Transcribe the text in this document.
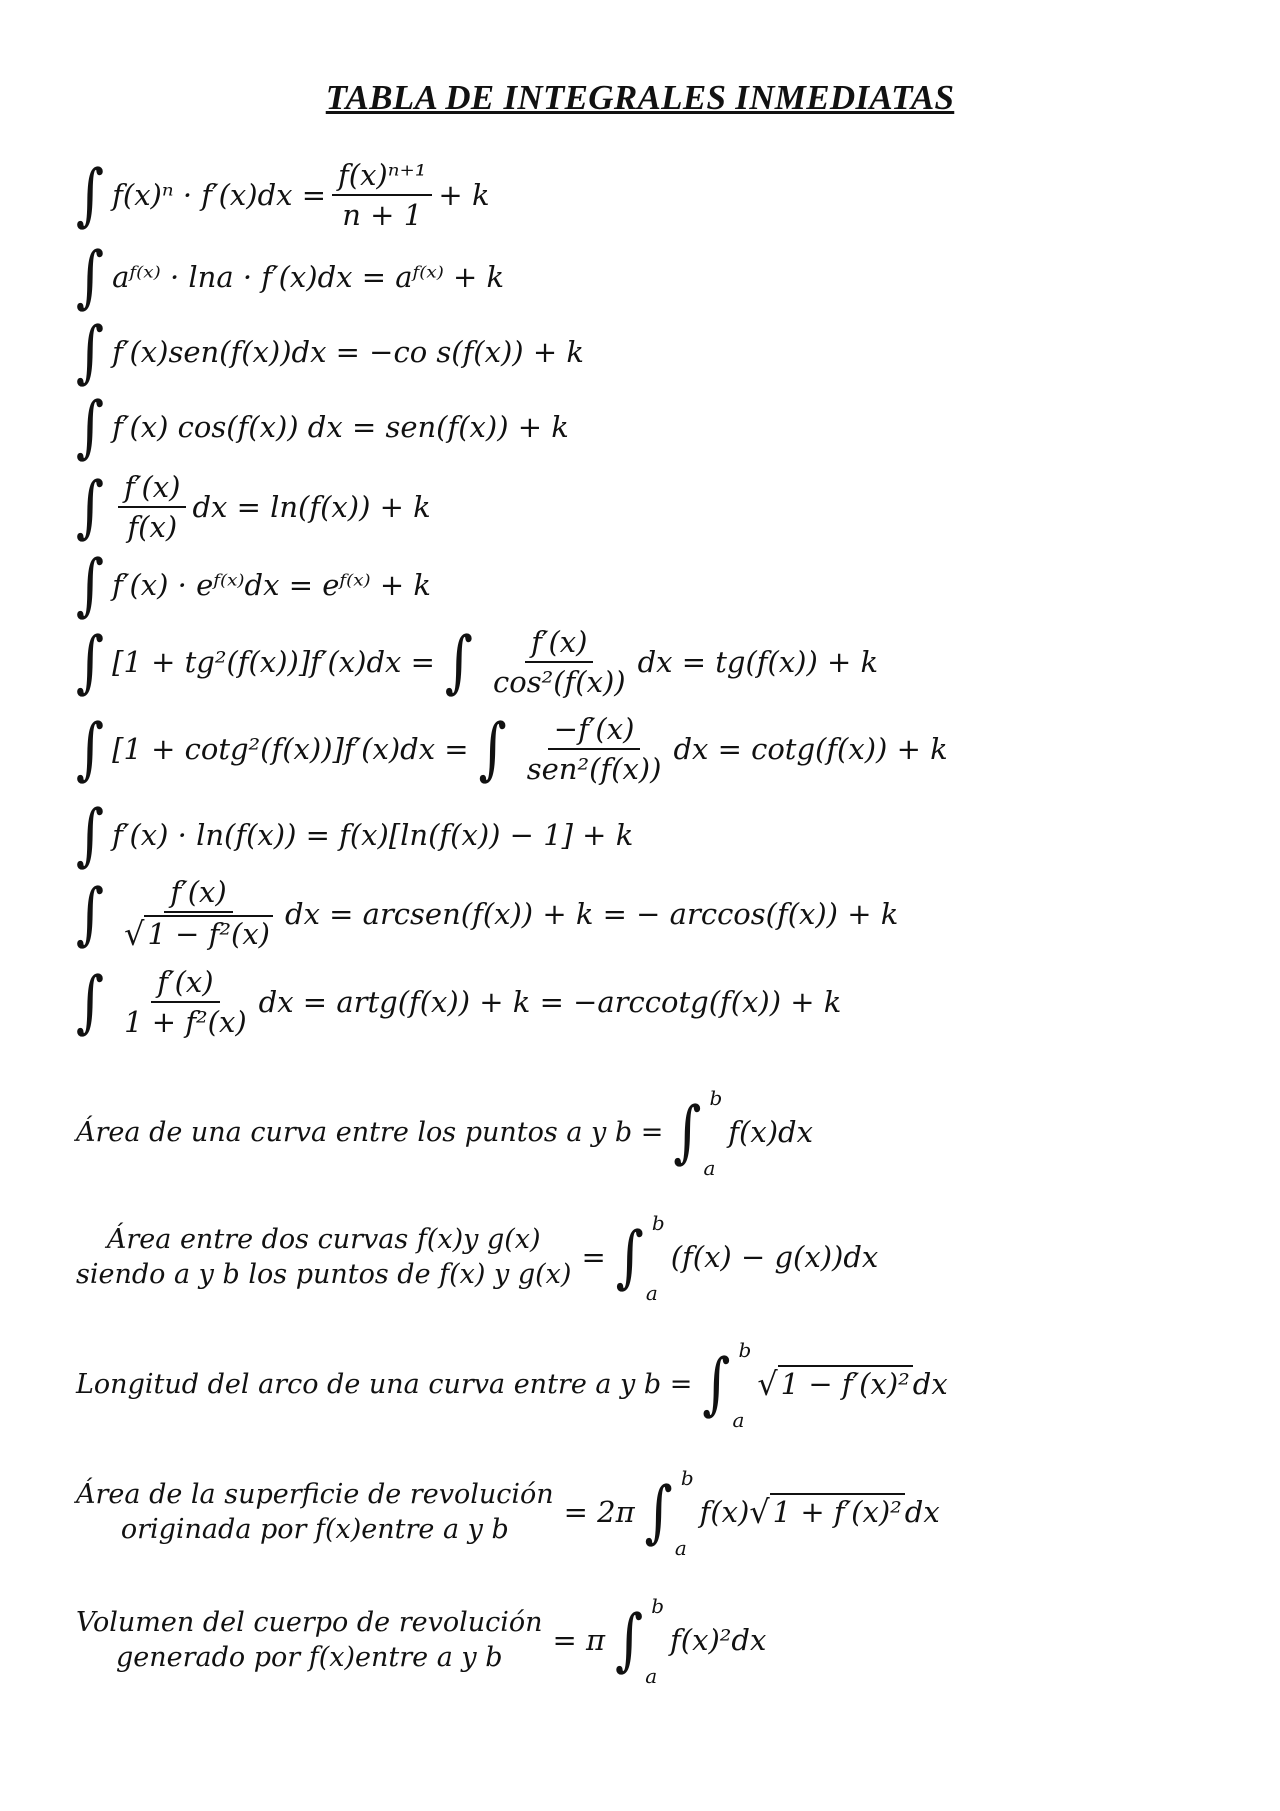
TABLA DE INTEGRALES INMEDIATAS
∫ $f(x)^n \cdot f'(x)dx = \frac{\text{f(x)ⁿ⁺¹}}{n + 1} + k$
∫ aᶠ⁽ˣ⁾ · lna · f′(x)dx = aᶠ⁽ˣ⁾ + k
∫ f′(x)sen(f(x))dx = −co s(f(x)) + k
∫ f′(x) cos(f(x)) dx = sen(f(x)) + k
∫ $\frac{f'(x)}{f(x)}$ dx = ln(f(x)) + k
∫ f′(x) · eᶠ⁽ˣ⁾dx = eᶠ⁽ˣ⁾ + k
∫ [1 + tg²(f(x))]f′(x)dx = ∫ $\frac{f'(x)}{\text{cos²(f(x))}}$ dx = tg(f(x)) + k
∫ [1 + cotg²(f(x))]f′(x)dx = ∫ $\frac{-f'(x)}{\text{sen²(f(x))}}$ dx = cotg(f(x)) + k
∫ f′(x) · ln(f(x)) = f(x)[ln(f(x)) − 1] + k
∫ $\frac{f'(x)}{\text{√ 1 − f²(x)}}$ dx = arcsen(f(x)) + k = − arccos(f(x)) + k
∫ $\frac{f'(x)}{\text{1 + f²(x)}}$ dx = artg(f(x)) + k = −arccotg(f(x)) + k
Área de una curva entre los puntos a y b = ∫ b
a
f(x)dx
Área entre dos curvas f(x)y g(x)
siendo a y b los puntos de f(x) y g(x)
= ∫ b
a
(f(x) − g(x))dx
Longitud del arco de una curva entre a y b = ∫ b
a
√ 1 − f′(x)² dx
Área de la superficie de revolución
originada por f(x)entre a y b
= 2π ∫ b
a
f(x) √ 1 + f′(x)² dx
Volumen del cuerpo de revolución
generado por f(x)entre a y b
= π ∫ b
a
f(x)²dx
